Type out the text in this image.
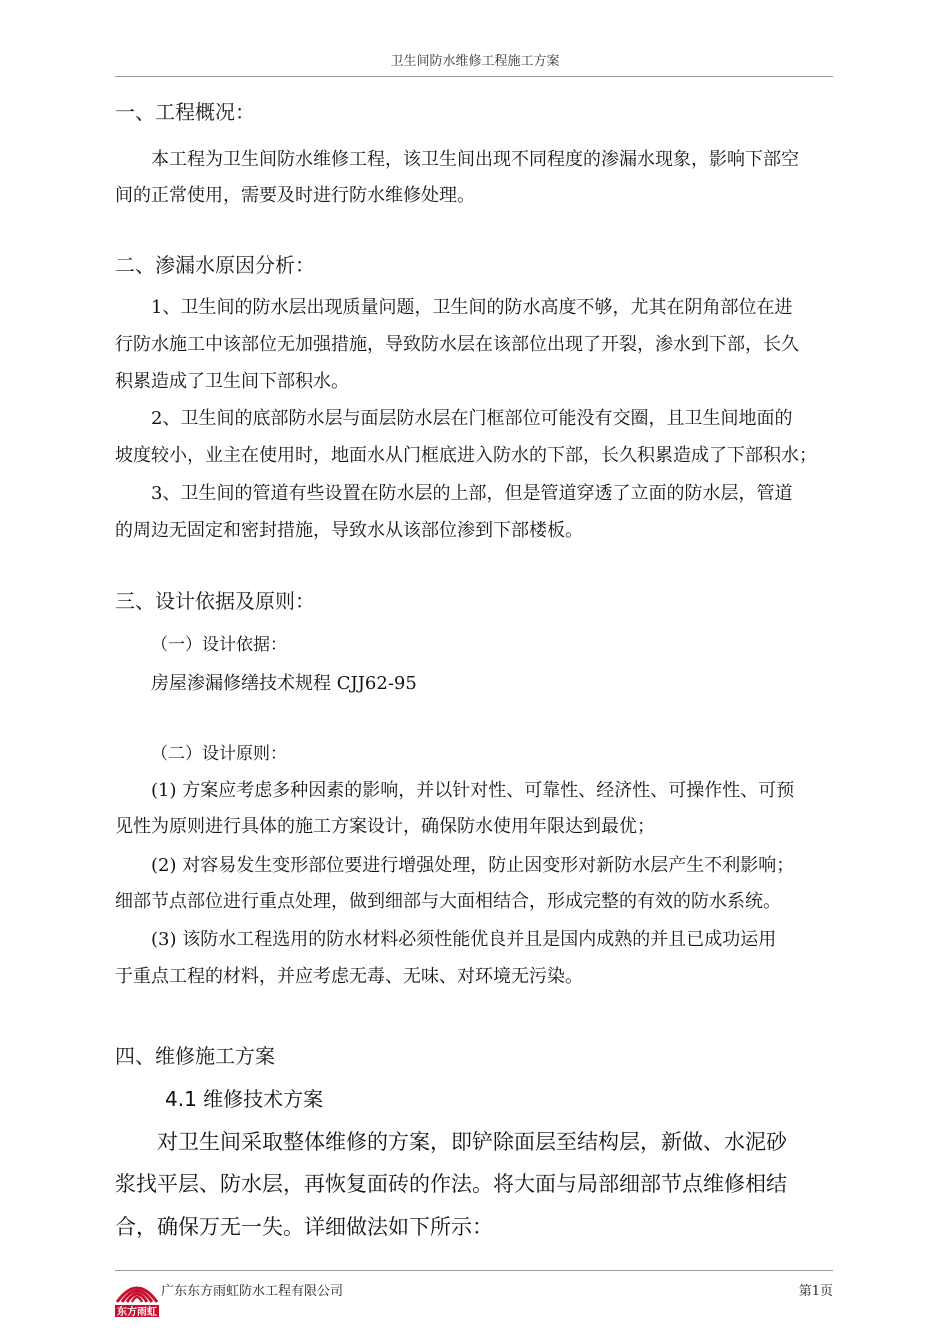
卫生间防水维修工程施工方案
一、工程概况：
本工程为卫生间防水维修工程，该卫生间出现不同程度的渗漏水现象，影响下部空
间的正常使用，需要及时进行防水维修处理。
二、渗漏水原因分析：
1、卫生间的防水层出现质量问题，卫生间的防水高度不够，尤其在阴角部位在进
行防水施工中该部位无加强措施，导致防水层在该部位出现了开裂，渗水到下部，长久
积累造成了卫生间下部积水。
2、卫生间的底部防水层与面层防水层在门框部位可能没有交圈，且卫生间地面的
坡度较小，业主在使用时，地面水从门框底进入防水的下部，长久积累造成了下部积水；
3、卫生间的管道有些设置在防水层的上部，但是管道穿透了立面的防水层，管道
的周边无固定和密封措施，导致水从该部位渗到下部楼板。
三、设计依据及原则：
（一）设计依据：
房屋渗漏修缮技术规程 CJJ62-95
（二）设计原则：
(1) 方案应考虑多种因素的影响，并以针对性、可靠性、经济性、可操作性、可预
见性为原则进行具体的施工方案设计，确保防水使用年限达到最优；
(2) 对容易发生变形部位要进行增强处理，防止因变形对新防水层产生不利影响；
细部节点部位进行重点处理，做到细部与大面相结合，形成完整的有效的防水系统。
(3) 该防水工程选用的防水材料必须性能优良并且是国内成熟的并且已成功运用
于重点工程的材料，并应考虑无毒、无味、对环境无污染。
四、维修施工方案
4.1 维修技术方案
对卫生间采取整体维修的方案，即铲除面层至结构层，新做、水泥砂
浆找平层、防水层，再恢复面砖的作法。将大面与局部细部节点维修相结
合，确保万无一失。详细做法如下所示：
东方雨虹
广东东方雨虹防水工程有限公司	第1页
